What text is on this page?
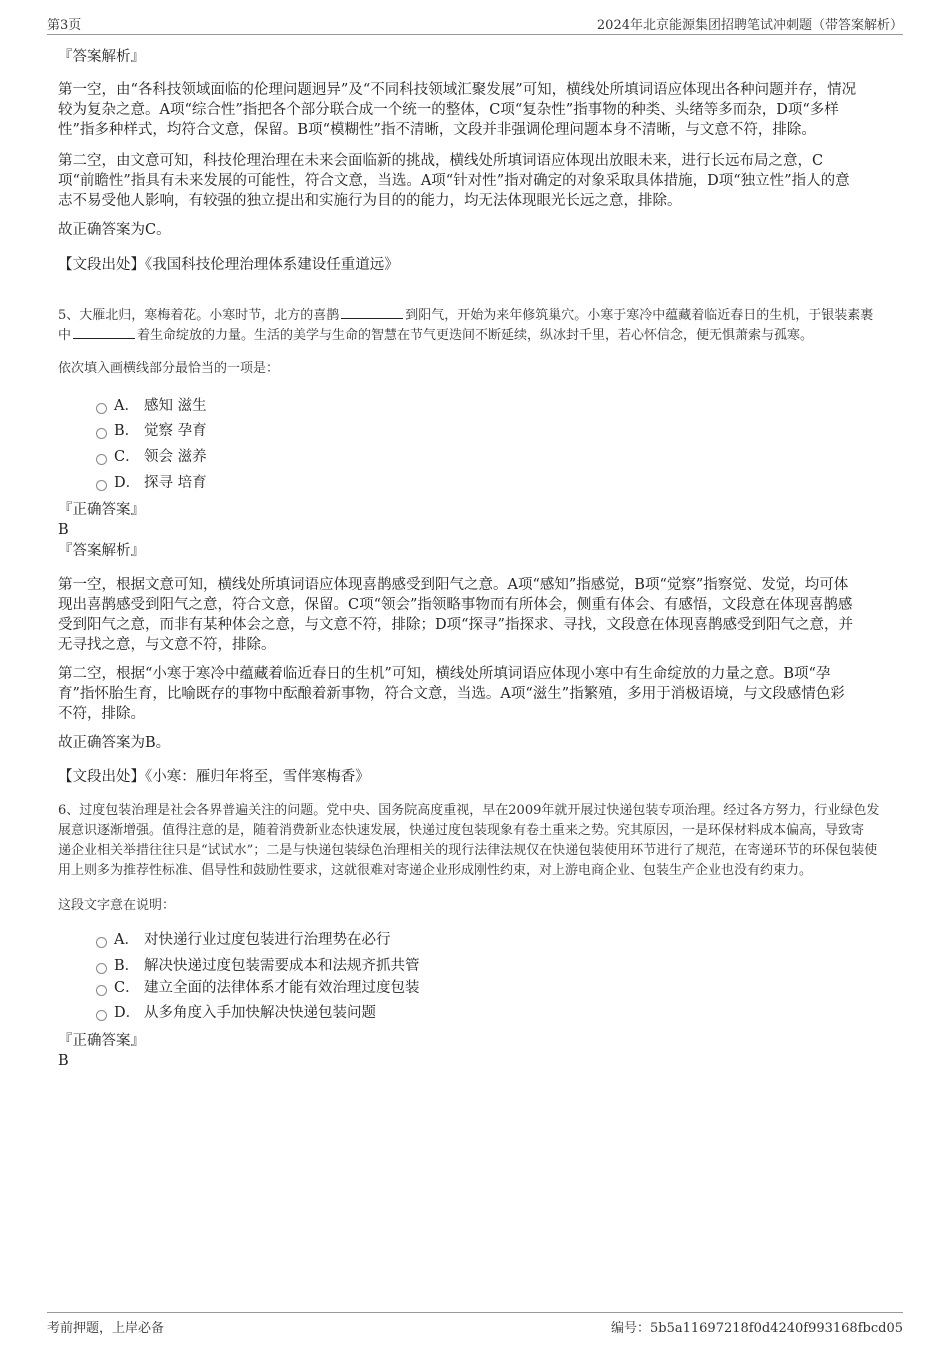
第3页	2024年北京能源集团招聘笔试冲刺题（带答案解析）
『答案解析』
第一空，由“各科技领域面临的伦理问题迥异”及“不同科技领域汇聚发展”可知，横线处所填词语应体现出各种问题并存，情况
较为复杂之意。A项“综合性”指把各个部分联合成一个统一的整体，C项“复杂性”指事物的种类、头绪等多而杂，D项“多样
性”指多种样式，均符合文意，保留。B项“模糊性”指不清晰，文段并非强调伦理问题本身不清晰，与文意不符，排除。
第二空，由文意可知，科技伦理治理在未来会面临新的挑战，横线处所填词语应体现出放眼未来，进行长远布局之意，C
项“前瞻性”指具有未来发展的可能性，符合文意，当选。A项“针对性”指对确定的对象采取具体措施，D项“独立性”指人的意
志不易受他人影响，有较强的独立提出和实施行为目的的能力，均无法体现眼光长远之意，排除。
故正确答案为C。
【文段出处】《我国科技伦理治理体系建设任重道远》
5、大雁北归，寒梅着花。小寒时节，北方的喜鹊	到阳气，开始为来年修筑巢穴。小寒于寒冷中蕴藏着临近春日的生机，于银装素裹
中	着生命绽放的力量。生活的美学与生命的智慧在节气更迭间不断延续，纵冰封千里，若心怀信念，便无惧萧索与孤寒。
依次填入画横线部分最恰当的一项是：
A． 感知 滋生
B． 觉察 孕育
C． 领会 滋养
D． 探寻 培育
『正确答案』
B
『答案解析』
第一空，根据文意可知，横线处所填词语应体现喜鹊感受到阳气之意。A项“感知”指感觉，B项“觉察”指察觉、发觉，均可体
现出喜鹊感受到阳气之意，符合文意，保留。C项“领会”指领略事物而有所体会，侧重有体会、有感悟，文段意在体现喜鹊感
受到阳气之意，而非有某种体会之意，与文意不符，排除；D项“探寻”指探求、寻找，文段意在体现喜鹊感受到阳气之意，并
无寻找之意，与文意不符，排除。
第二空，根据“小寒于寒冷中蕴藏着临近春日的生机”可知，横线处所填词语应体现小寒中有生命绽放的力量之意。B项“孕
育”指怀胎生育，比喻既存的事物中酝酿着新事物，符合文意，当选。A项“滋生”指繁殖，多用于消极语境，与文段感情色彩
不符，排除。
故正确答案为B。
【文段出处】《小寒：雁归年将至，雪伴寒梅香》
6、过度包装治理是社会各界普遍关注的问题。党中央、国务院高度重视，早在2009年就开展过快递包装专项治理。经过各方努力，行业绿色发
展意识逐渐增强。值得注意的是，随着消费新业态快速发展，快递过度包装现象有卷土重来之势。究其原因，一是环保材料成本偏高，导致寄
递企业相关举措往往只是“试试水”；二是与快递包装绿色治理相关的现行法律法规仅在快递包装使用环节进行了规范，在寄递环节的环保包装使
用上则多为推荐性标准、倡导性和鼓励性要求，这就很难对寄递企业形成刚性约束，对上游电商企业、包装生产企业也没有约束力。
这段文字意在说明：
A． 对快递行业过度包装进行治理势在必行
B． 解决快递过度包装需要成本和法规齐抓共管
C． 建立全面的法律体系才能有效治理过度包装
D． 从多角度入手加快解决快递包装问题
『正确答案』
B
考前押题，上岸必备	编号：5b5a11697218f0d4240f993168fbcd05
